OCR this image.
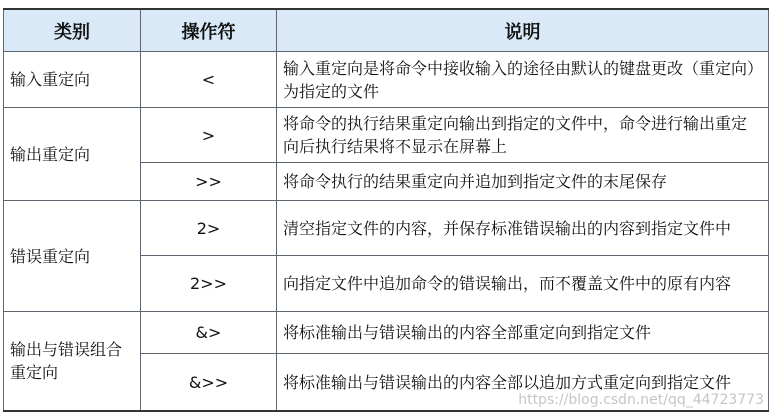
类别	操作符	说明
输入重定向	<	输入重定向是将命令中接收输入的途径由默认的键盘更改（重定向）为指定的文件
输出重定向	>	将命令的执行结果重定向输出到指定的文件中，命令进行输出重定向后执行结果将不显示在屏幕上
	>>	将命令执行的结果重定向并追加到指定文件的末尾保存
错误重定向	2>	清空指定文件的内容，并保存标准错误输出的内容到指定文件中
	2>>	向指定文件中追加命令的错误输出，而不覆盖文件中的原有内容
输出与错误组合重定向	&>	将标准输出与错误输出的内容全部重定向到指定文件
	&>>	将标准输出与错误输出的内容全部以追加方式重定向到指定文件
https://blog.csdn.net/qq_44723773
